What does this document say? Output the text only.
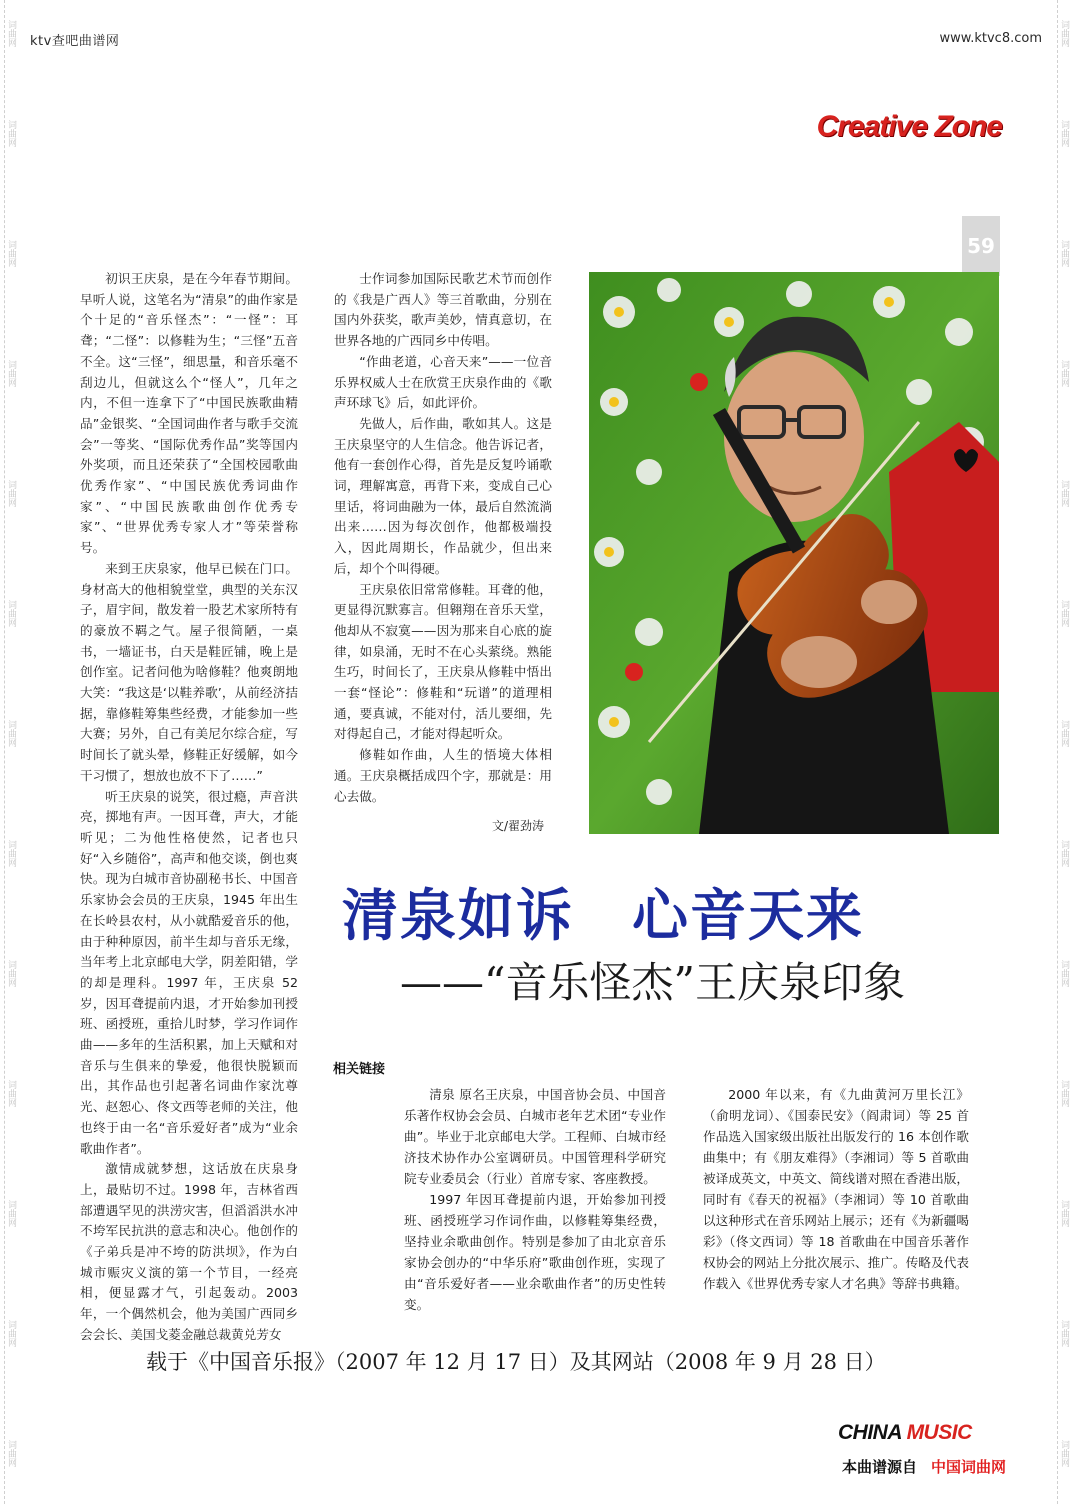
词曲网
词曲网
词曲网
词曲网
词曲网
词曲网
词曲网
词曲网
词曲网
词曲网
词曲网
词曲网
词曲网
词曲网
词曲网
词曲网
词曲网
词曲网
词曲网
词曲网
词曲网
词曲网
词曲网
词曲网
词曲网
词曲网
ktv查吧曲谱网	www.ktvc8.com
Creative Zone
59

初识王庆泉，是在今年春节期间。早听人说，这笔名为“清泉”的曲作家是个十足的“音乐怪杰”：“一怪”：耳聋；“二怪”：以修鞋为生；“三怪”五音不全。这“三怪”，细思量，和音乐毫不刮边儿，但就这么个“怪人”，几年之内，不但一连拿下了“中国民族歌曲精品”金银奖、“全国词曲作者与歌手交流会”一等奖、“国际优秀作品”奖等国内外奖项，而且还荣获了“全国校园歌曲优秀作家”、“中国民族优秀词曲作家”、“中国民族歌曲创作优秀专家”、“世界优秀专家人才”等荣誉称号。

来到王庆泉家，他早已候在门口。身材高大的他相貌堂堂，典型的关东汉子，眉宇间，散发着一股艺术家所特有的豪放不羁之气。屋子很简陋，一桌书，一墙证书，白天是鞋匠铺，晚上是创作室。记者问他为啥修鞋？他爽朗地大笑：“我这是‘以鞋养歌’，从前经济拮据，靠修鞋筹集些经费，才能参加一些大赛；另外，自己有美尼尔综合症，写时间长了就头晕，修鞋正好缓解，如今干习惯了，想放也放不下了……”

听王庆泉的说笑，很过瘾，声音洪亮，掷地有声。一因耳聋，声大，才能听见；二为他性格使然，记者也只好“入乡随俗”，高声和他交谈，倒也爽快。现为白城市音协副秘书长、中国音乐家协会会员的王庆泉，1945 年出生在长岭县农村，从小就酷爱音乐的他，由于种种原因，前半生却与音乐无缘，当年考上北京邮电大学，阴差阳错，学的却是理科。1997 年，王庆泉 52 岁，因耳聋提前内退，才开始参加刊授班、函授班，重拾儿时梦，学习作词作曲——多年的生活积累，加上天赋和对音乐与生俱来的挚爱，他很快脱颖而出，其作品也引起著名词曲作家沈尊光、赵恕心、佟文西等老师的关注，他也终于由一名“音乐爱好者”成为“业余歌曲作者”。

激情成就梦想，这话放在庆泉身上，最贴切不过。1998 年，吉林省西部遭遇罕见的洪涝灾害，但滔滔洪水冲不垮军民抗洪的意志和决心。他创作的《子弟兵是冲不垮的防洪坝》，作为白城市赈灾义演的第一个节目，一经亮相，便显露才气，引起轰动。2003 年，一个偶然机会，他为美国广西同乡会会长、美国戈菱金融总裁黄兑芳女

士作词参加国际民歌艺术节而创作的《我是广西人》等三首歌曲，分别在国内外获奖，歌声美妙，情真意切，在世界各地的广西同乡中传唱。

“作曲老道，心音天来”——一位音乐界权威人士在欣赏王庆泉作曲的《歌声环球飞》后，如此评价。

先做人，后作曲，歌如其人。这是王庆泉坚守的人生信念。他告诉记者，他有一套创作心得，首先是反复吟诵歌词，理解寓意，再背下来，变成自己心里话，将词曲融为一体，最后自然流淌出来……因为每次创作，他都极端投入，因此周期长，作品就少，但出来后，却个个叫得硬。

王庆泉依旧常常修鞋。耳聋的他，更显得沉默寡言。但翱翔在音乐天堂，他却从不寂寞——因为那来自心底的旋律，如泉涌，无时不在心头萦绕。熟能生巧，时间长了，王庆泉从修鞋中悟出一套“怪论”：修鞋和“玩谱”的道理相通，要真诚，不能对付，活儿要细，先对得起自己，才能对得起听众。

修鞋如作曲，人生的悟境大体相通。王庆泉概括成四个字，那就是：用心去做。

文/翟劲涛
清泉如诉　心音天来
——“音乐怪杰”王庆泉印象
相关链接

清泉 原名王庆泉，中国音协会员、中国音乐著作权协会会员、白城市老年艺术团“专业作曲”。毕业于北京邮电大学。工程师、白城市经济技术协作办公室调研员。中国管理科学研究院专业委员会（行业）首席专家、客座教授。

1997 年因耳聋提前内退，开始参加刊授班、函授班学习作词作曲，以修鞋筹集经费，坚持业余歌曲创作。特别是参加了由北京音乐家协会创办的“中华乐府”歌曲创作班，实现了由“音乐爱好者——业余歌曲作者”的历史性转变。

2000 年以来，有《九曲黄河万里长江》（俞明龙词）、《国泰民安》（阎肃词）等 25 首作品选入国家级出版社出版发行的 16 本创作歌曲集中；有《朋友难得》（李湘词）等 5 首歌曲被译成英文，中英文、简线谱对照在香港出版，同时有《春天的祝福》（李湘词）等 10 首歌曲以这种形式在音乐网站上展示；还有《为新疆喝彩》（佟文西词）等 18 首歌曲在中国音乐著作权协会的网站上分批次展示、推广。传略及代表作载入《世界优秀专家人才名典》等辞书典籍。

载于《中国音乐报》（2007 年 12 月 17 日）及其网站（2008 年 9 月 28 日）
CHINA MUSIC
本曲谱源自 中国词曲网
